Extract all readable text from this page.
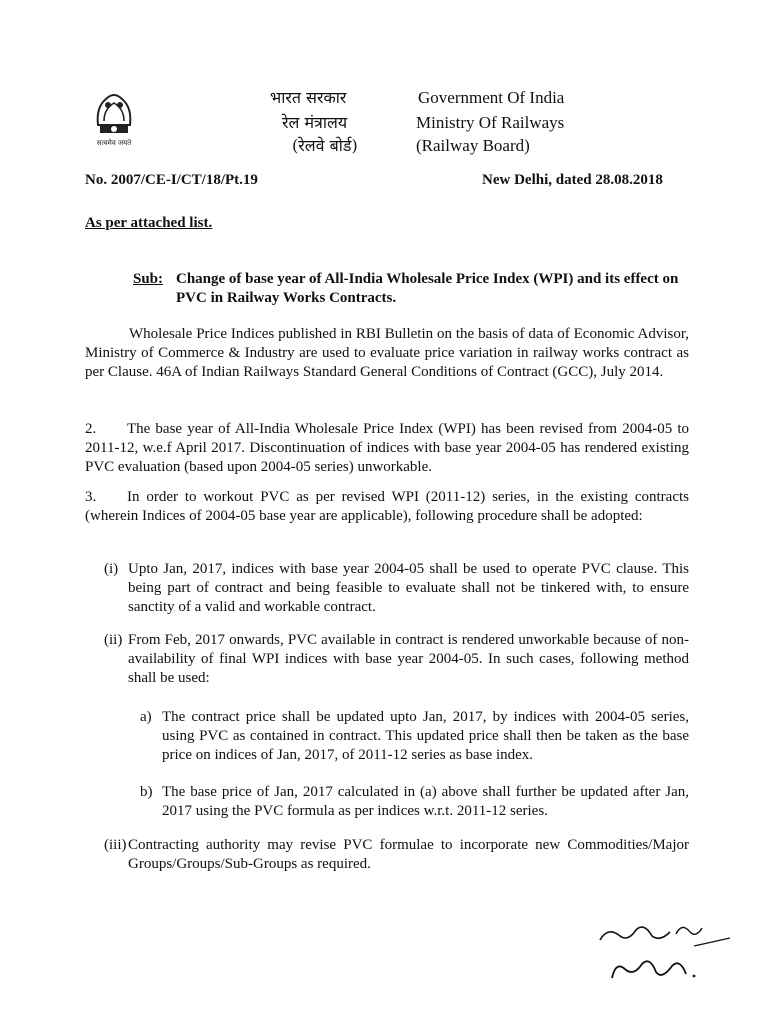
सत्यमेव जयते
भारत सरकार	Government Of India
रेल मंत्रालय	Ministry Of Railways
(रेलवे बोर्ड)	(Railway Board)
No. 2007/CE-I/CT/18/Pt.19	New Delhi, dated 28.08.2018
As per attached list.
Sub: Change of base year of All-India Wholesale Price Index (WPI) and its effect on PVC in Railway Works Contracts.
Wholesale Price Indices published in RBI Bulletin on the basis of data of Economic Advisor, Ministry of Commerce & Industry are used to evaluate price variation in railway works contract as per Clause. 46A of Indian Railways Standard General Conditions of Contract (GCC), July 2014.
2. The base year of All-India Wholesale Price Index (WPI) has been revised from 2004-05 to 2011-12, w.e.f April 2017. Discontinuation of indices with base year 2004-05 has rendered existing PVC evaluation (based upon 2004-05 series) unworkable.
3. In order to workout PVC as per revised WPI (2011-12) series, in the existing contracts (wherein Indices of 2004-05 base year are applicable), following procedure shall be adopted:
(i) Upto Jan, 2017, indices with base year 2004-05 shall be used to operate PVC clause. This being part of contract and being feasible to evaluate shall not be tinkered with, to ensure sanctity of a valid and workable contract.
(ii) From Feb, 2017 onwards, PVC available in contract is rendered unworkable because of non-availability of final WPI indices with base year 2004-05. In such cases, following method shall be used:
a) The contract price shall be updated upto Jan, 2017, by indices with 2004-05 series, using PVC as contained in contract. This updated price shall then be taken as the base price on indices of Jan, 2017, of 2011-12 series as base index.
b) The base price of Jan, 2017 calculated in (a) above shall further be updated after Jan, 2017 using the PVC formula as per indices w.r.t. 2011-12 series.
(iii) Contracting authority may revise PVC formulae to incorporate new Commodities/Major Groups/Groups/Sub-Groups as required.
